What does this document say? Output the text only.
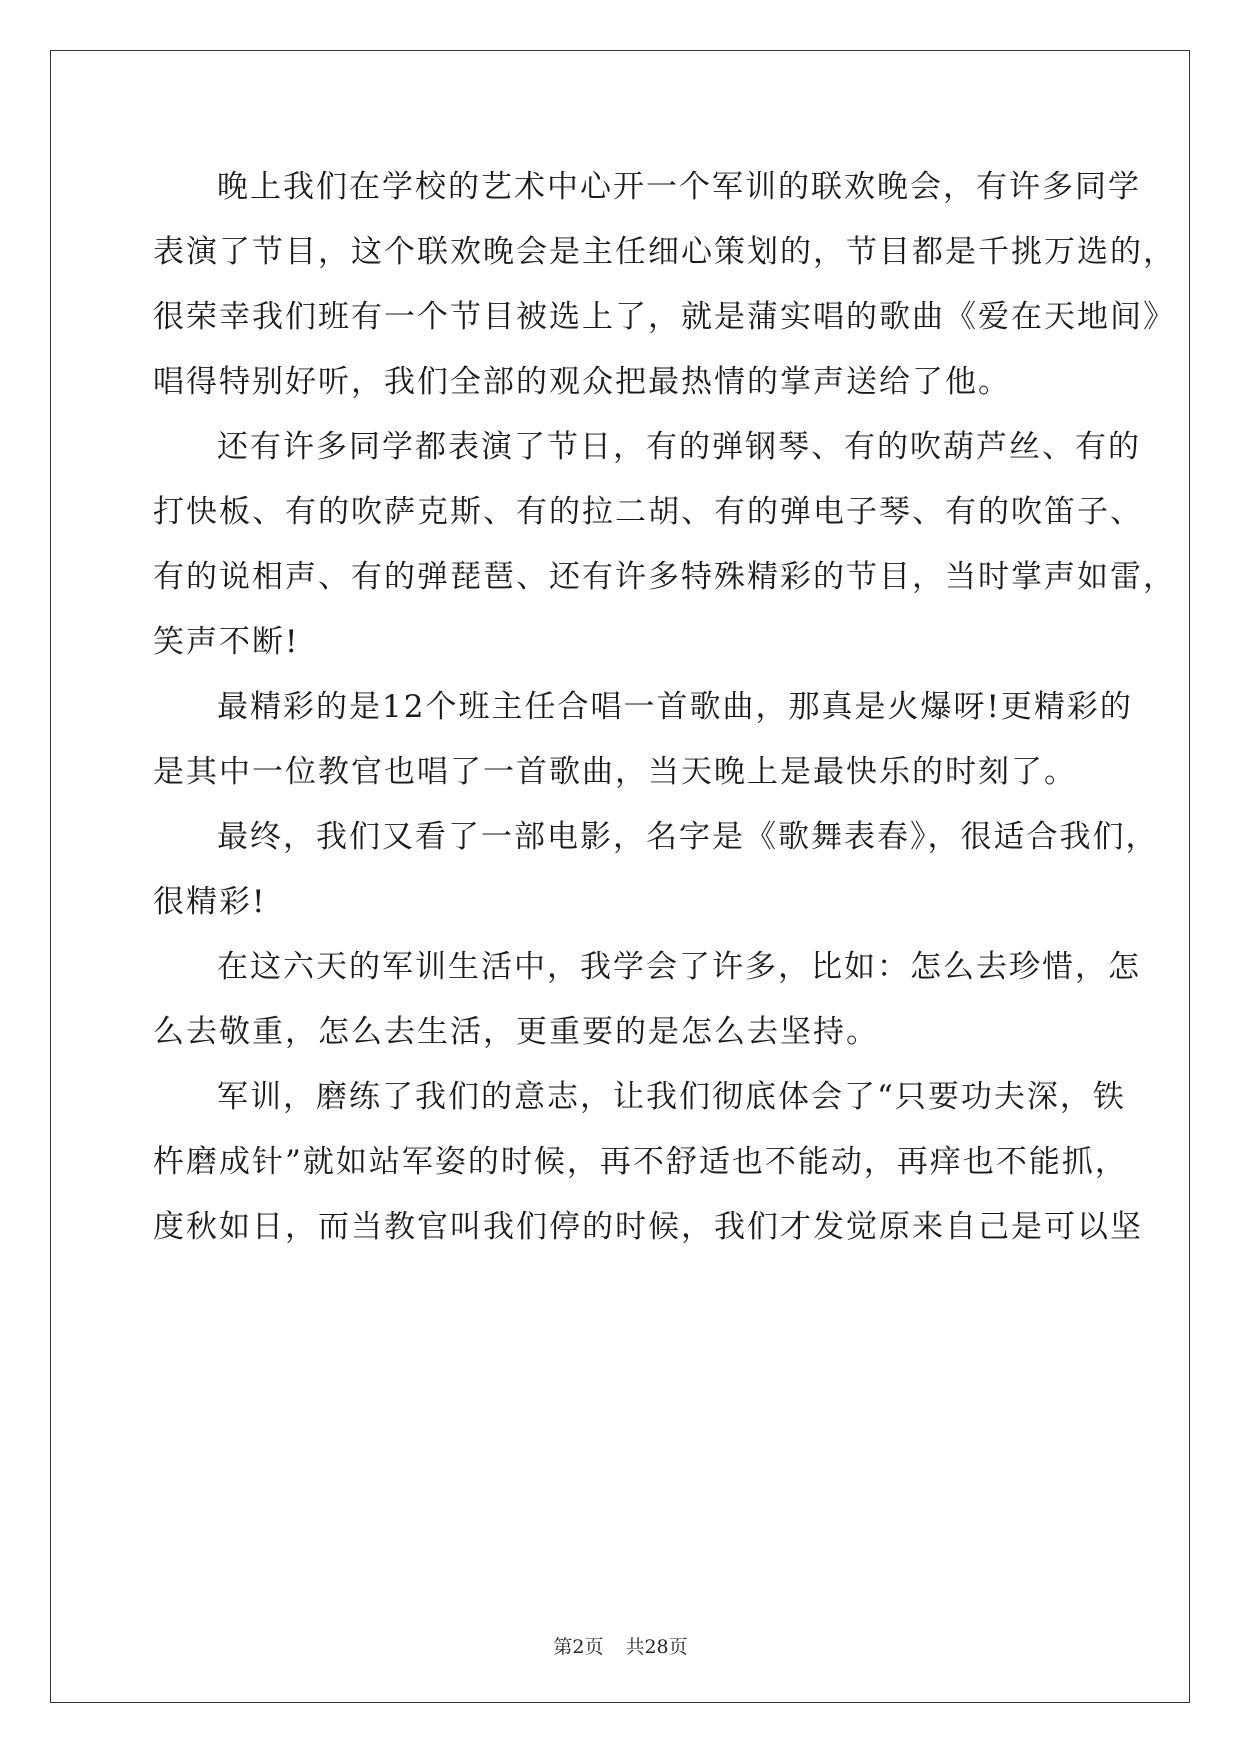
晚上我们在学校的艺术中心开一个军训的联欢晚会，有许多同学
表演了节目，这个联欢晚会是主任细心策划的，节目都是千挑万选的，
很荣幸我们班有一个节目被选上了，就是蒲实唱的歌曲《爱在天地间》
唱得特别好听，我们全部的观众把最热情的掌声送给了他。
还有许多同学都表演了节日，有的弹钢琴、有的吹葫芦丝、有的
打快板、有的吹萨克斯、有的拉二胡、有的弹电子琴、有的吹笛子、
有的说相声、有的弹琵琶、还有许多特殊精彩的节目，当时掌声如雷，
笑声不断!
最精彩的是12个班主任合唱一首歌曲，那真是火爆呀!更精彩的
是其中一位教官也唱了一首歌曲，当天晚上是最快乐的时刻了。
最终，我们又看了一部电影，名字是《歌舞表春》，很适合我们，
很精彩!
在这六天的军训生活中，我学会了许多，比如：怎么去珍惜，怎
么去敬重，怎么去生活，更重要的是怎么去坚持。
军训，磨练了我们的意志，让我们彻底体会了“只要功夫深，铁
杵磨成针”就如站军姿的时候，再不舒适也不能动，再痒也不能抓，
度秋如日，而当教官叫我们停的时候，我们才发觉原来自己是可以坚
第2页 共28页
